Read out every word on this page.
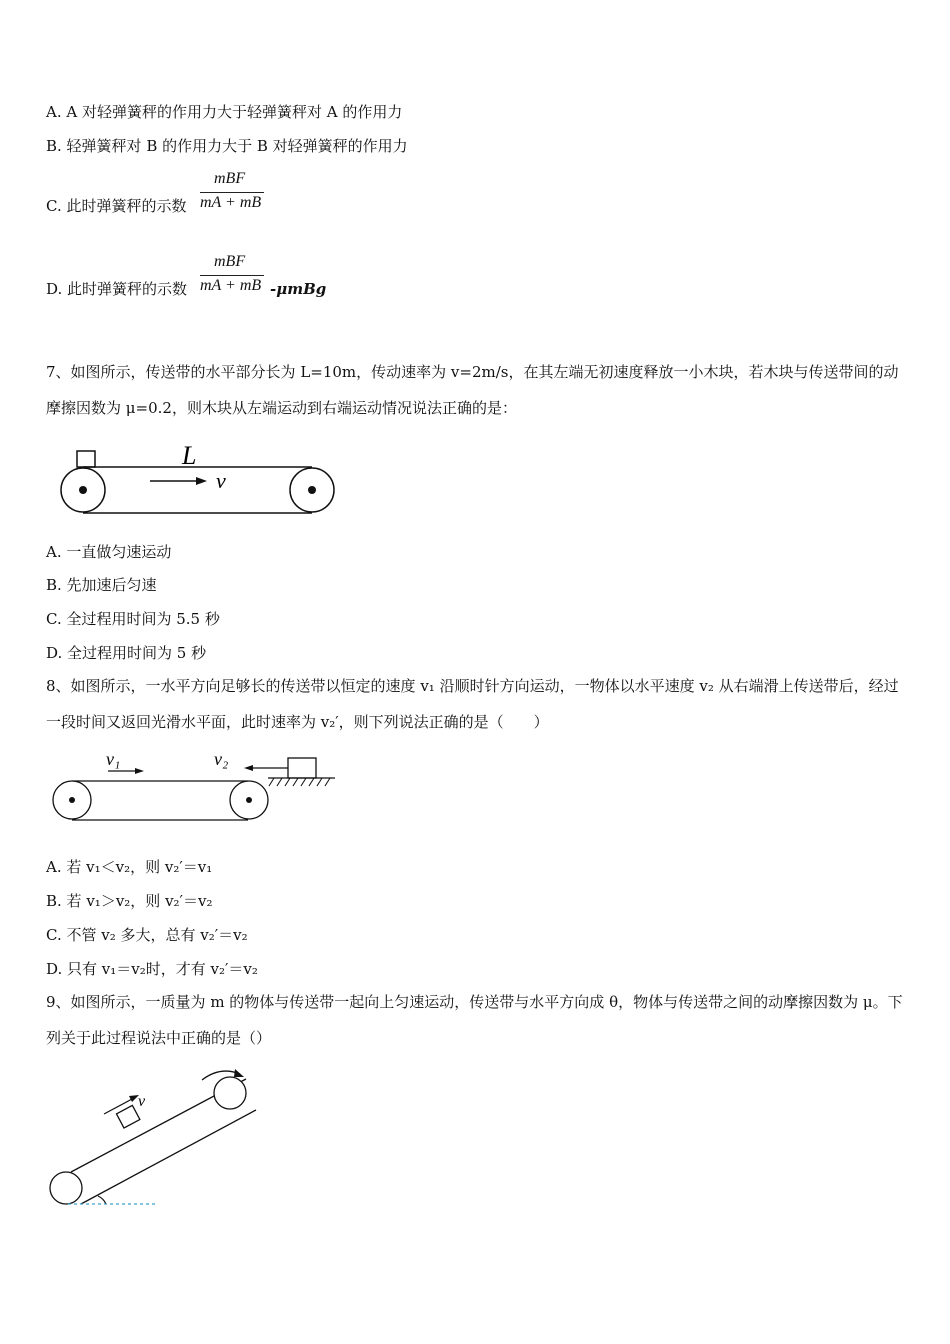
A. A 对轻弹簧秤的作用力大于轻弹簧秤对 A 的作用力
B. 轻弹簧秤对 B 的作用力大于 B 对轻弹簧秤的作用力
C. 此时弹簧秤的示数
mBF
mA + mB
D. 此时弹簧秤的示数
mBF
mA + mB -μmBg
7、如图所示，传送带的水平部分长为 L=10m，传动速率为 v=2m/s，在其左端无初速度释放一小木块，若木块与传送带间的动摩擦因数为 μ=0.2，则木块从左端运动到右端运动情况说法正确的是：
L
v
A. 一直做匀速运动
B. 先加速后匀速
C. 全过程用时间为 5.5 秒
D. 全过程用时间为 5 秒
8、如图所示，一水平方向足够长的传送带以恒定的速度 v₁ 沿顺时针方向运动，一物体以水平速度 v₂ 从右端滑上传送带后，经过一段时间又返回光滑水平面，此时速率为 v₂′，则下列说法正确的是（　　）
v₁	v₂
A. 若 v₁＜v₂，则 v₂′＝v₁
B. 若 v₁＞v₂，则 v₂′＝v₂
C. 不管 v₂ 多大，总有 v₂′＝v₂
D. 只有 v₁＝v₂时，才有 v₂′＝v₂
9、如图所示，一质量为 m 的物体与传送带一起向上匀速运动，传送带与水平方向成 θ，物体与传送带之间的动摩擦因数为 μ。下列关于此过程说法中正确的是（）
v
